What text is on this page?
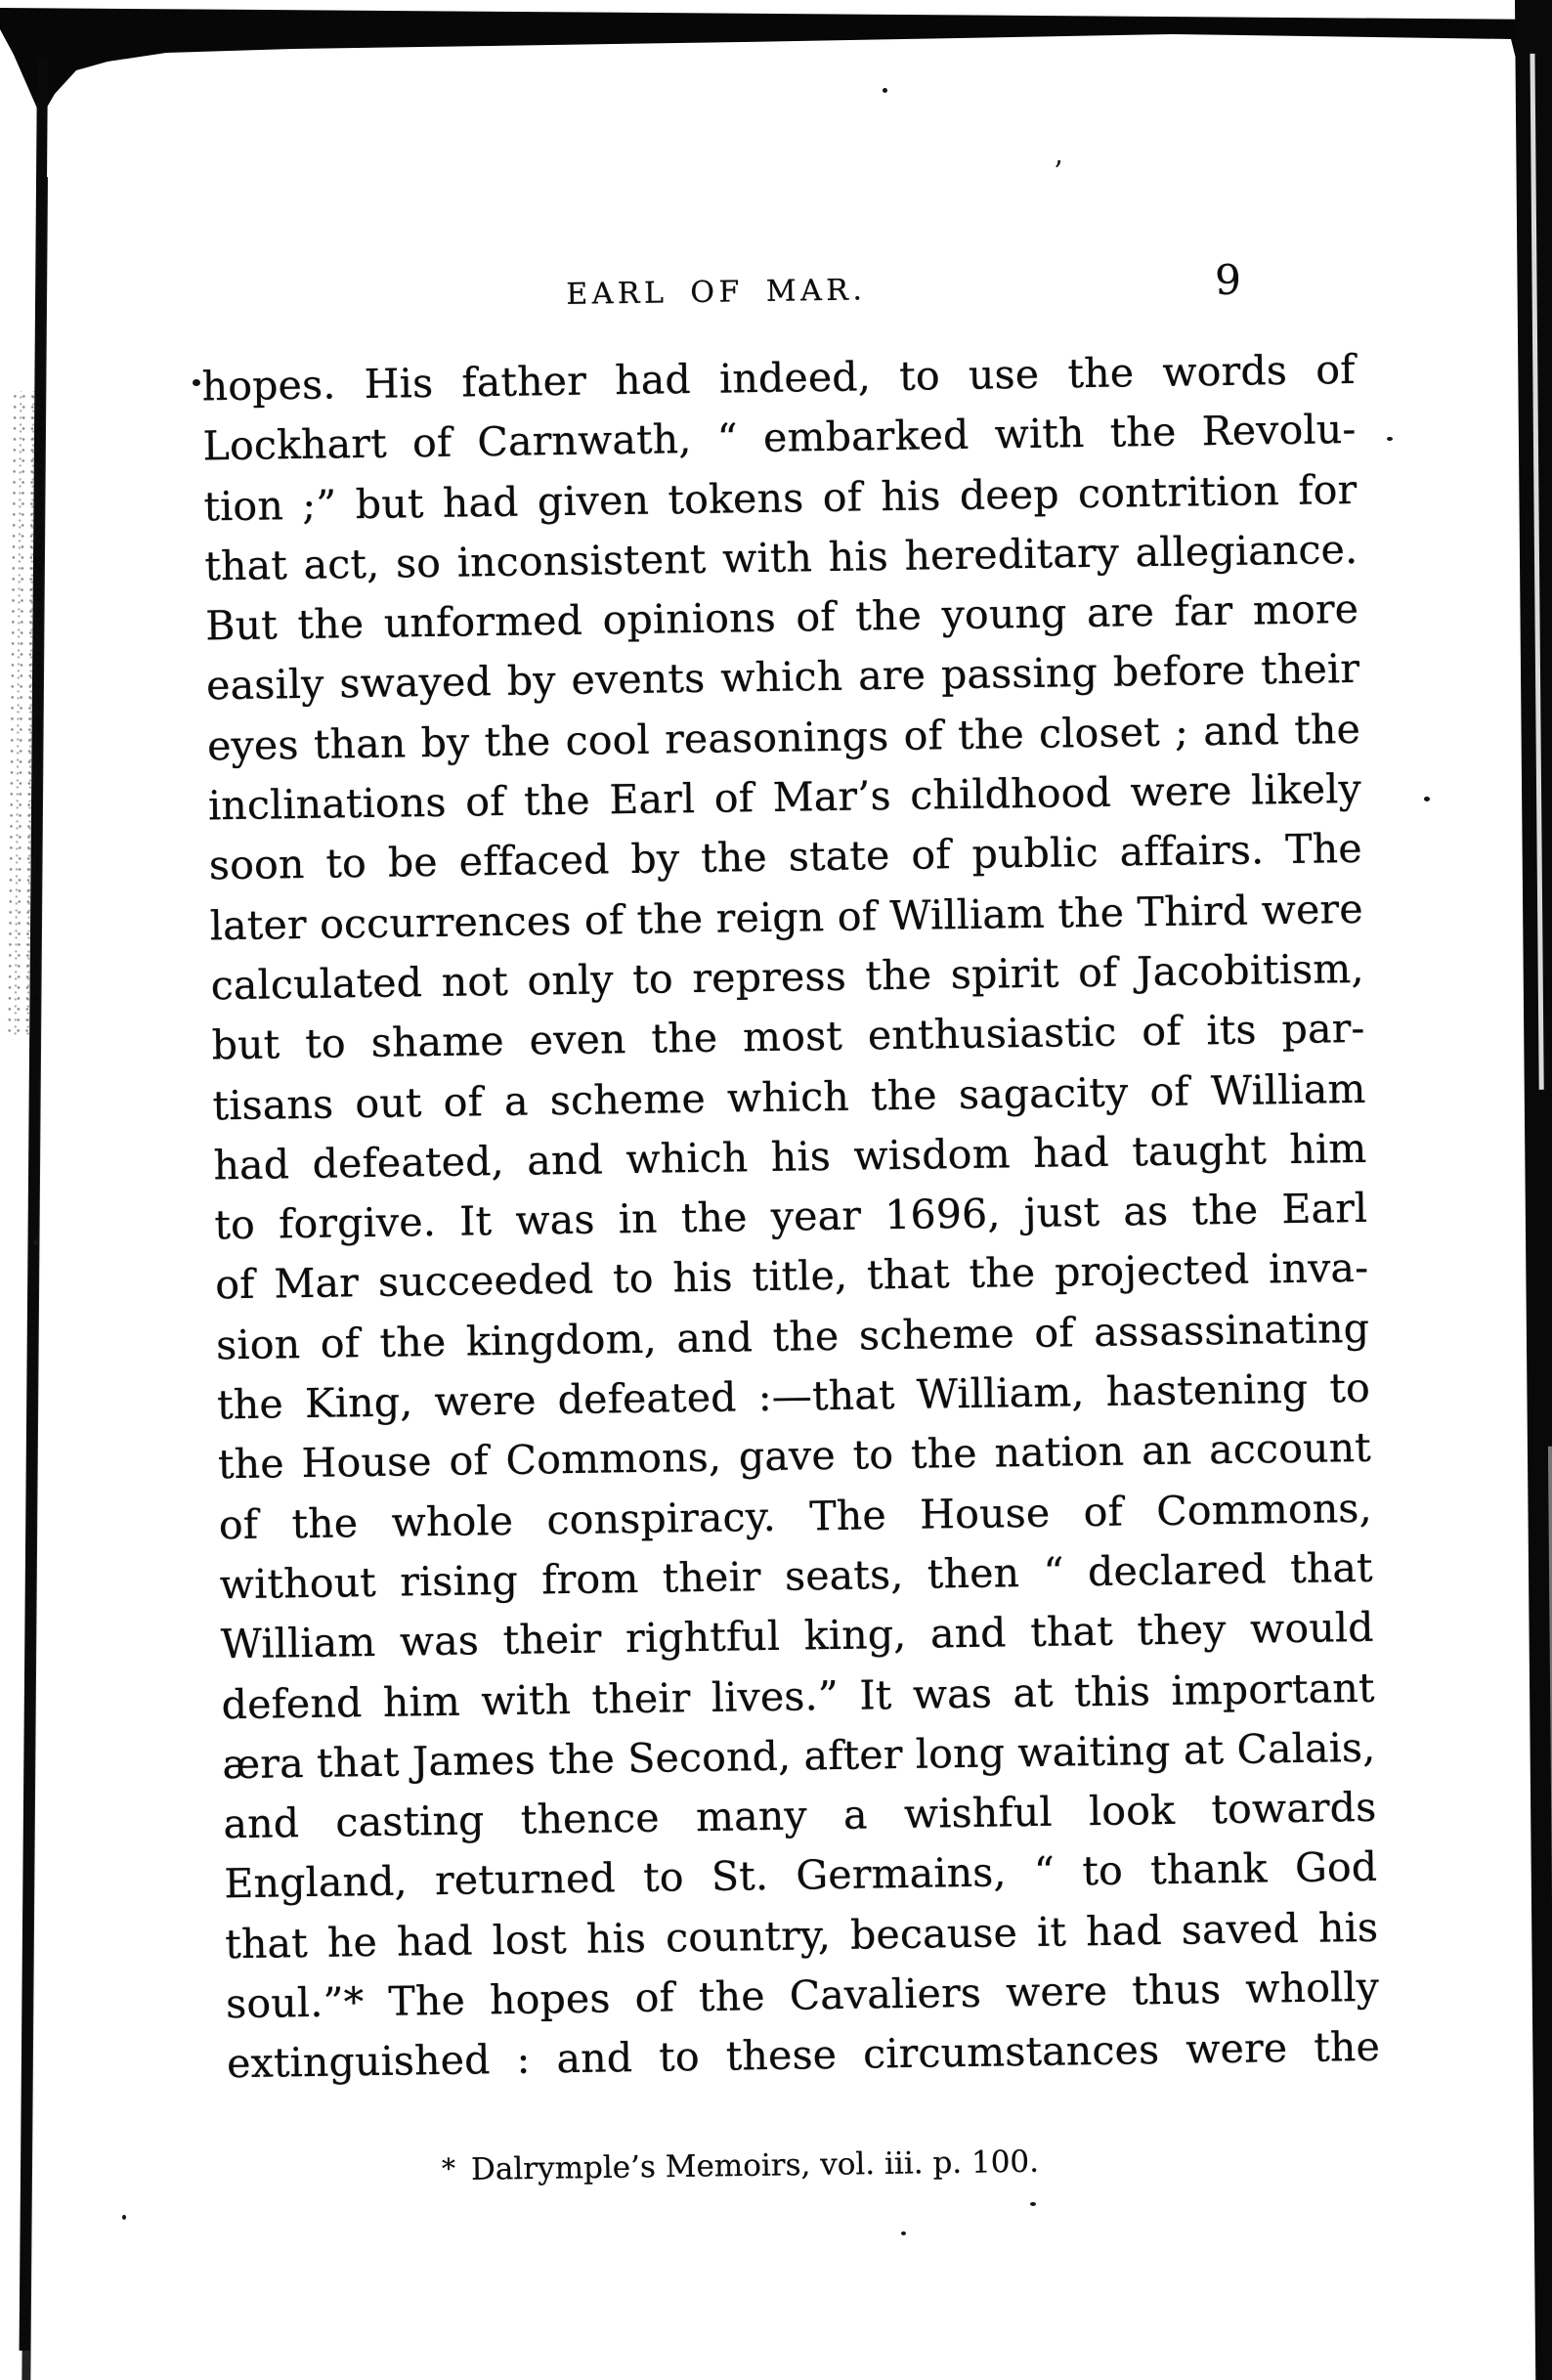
EARL OF MAR.	9
hopes. His father had indeed, to use the words of
Lockhart of Carnwath, “ embarked with the Revolu-
tion ;” but had given tokens of his deep contrition for
that act, so inconsistent with his hereditary allegiance.
But the unformed opinions of the young are far more
easily swayed by events which are passing before their
eyes than by the cool reasonings of the closet ; and the
inclinations of the Earl of Mar’s childhood were likely
soon to be effaced by the state of public affairs. The
later occurrences of the reign of William the Third were
calculated not only to repress the spirit of Jacobitism,
but to shame even the most enthusiastic of its par-
tisans out of a scheme which the sagacity of William
had defeated, and which his wisdom had taught him
to forgive. It was in the year 1696, just as the Earl
of Mar succeeded to his title, that the projected inva-
sion of the kingdom, and the scheme of assassinating
the King, were defeated :—that William, hastening to
the House of Commons, gave to the nation an account
of the whole conspiracy. The House of Commons,
without rising from their seats, then “ declared that
William was their rightful king, and that they would
defend him with their lives.” It was at this important
æra that James the Second, after long waiting at Calais,
and casting thence many a wishful look towards
England, returned to St. Germains, “ to thank God
that he had lost his country, because it had saved his
soul.”* The hopes of the Cavaliers were thus wholly
extinguished : and to these circumstances were the
* Dalrymple’s Memoirs, vol. iii. p. 100.
’
